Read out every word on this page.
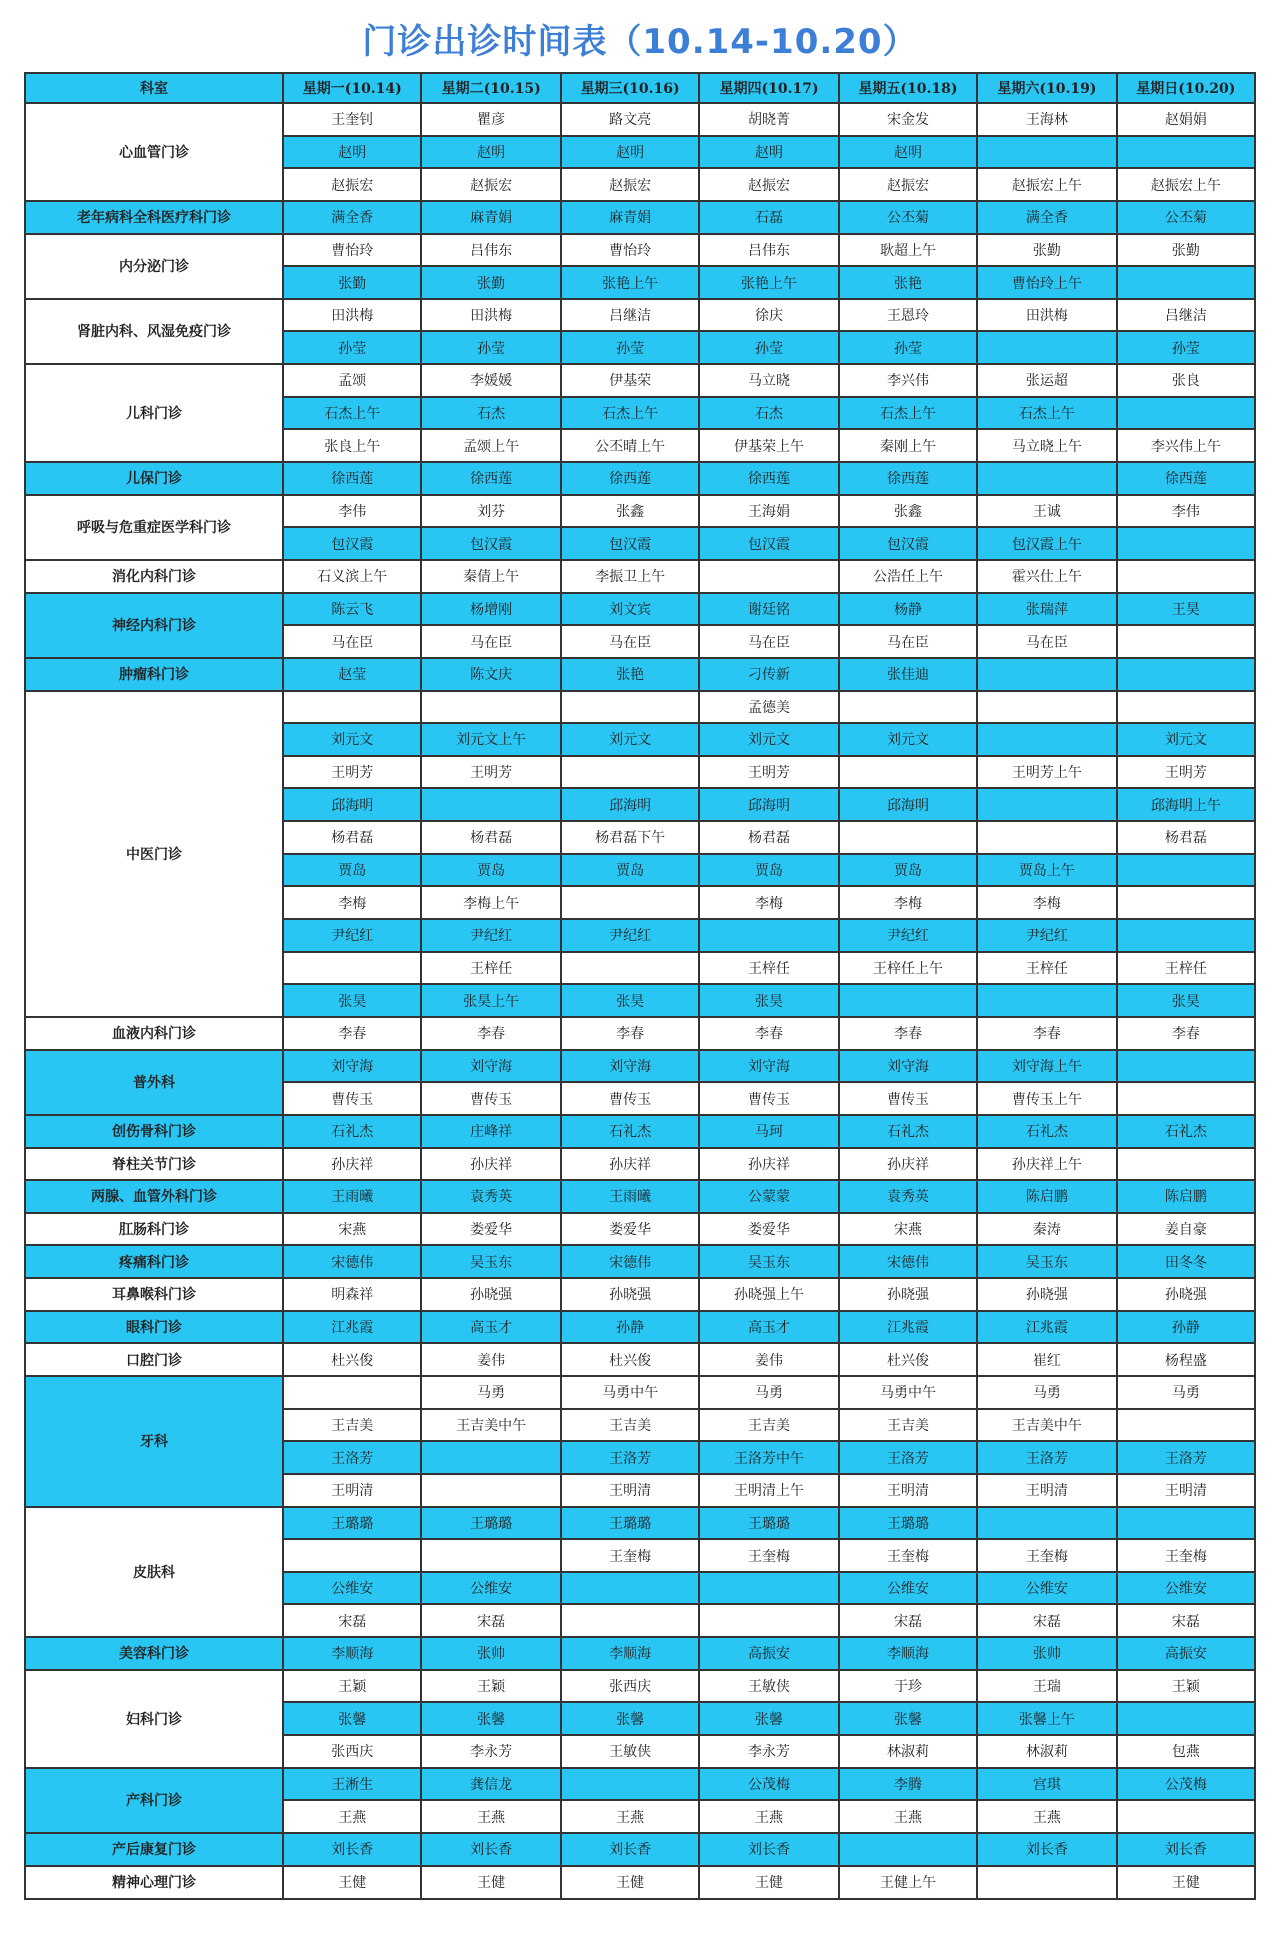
门诊出诊时间表（10.14-10.20）
科室	星期一(10.14)	星期二(10.15)	星期三(10.16)	星期四(10.17)	星期五(10.18)	星期六(10.19)	星期日(10.20)
心血管门诊	王奎钊	瞿彦	路文亮	胡晓菁	宋金发	王海林	赵娟娟
	赵明	赵明	赵明	赵明	赵明		
	赵振宏	赵振宏	赵振宏	赵振宏	赵振宏	赵振宏上午	赵振宏上午
老年病科全科医疗科门诊	满全香	麻青娟	麻青娟	石磊	公丕菊	满全香	公丕菊
内分泌门诊	曹怡玲	吕伟东	曹怡玲	吕伟东	耿超上午	张勤	张勤
	张勤	张勤	张艳上午	张艳上午	张艳	曹怡玲上午	
肾脏内科、风湿免疫门诊	田洪梅	田洪梅	吕继洁	徐庆	王恩玲	田洪梅	吕继洁
	孙莹	孙莹	孙莹	孙莹	孙莹		孙莹
儿科门诊	孟颂	李媛媛	伊基荣	马立晓	李兴伟	张运超	张良
	石杰上午	石杰	石杰上午	石杰	石杰上午	石杰上午	
	张良上午	孟颂上午	公丕晴上午	伊基荣上午	秦刚上午	马立晓上午	李兴伟上午
儿保门诊	徐西莲	徐西莲	徐西莲	徐西莲	徐西莲		徐西莲
呼吸与危重症医学科门诊	李伟	刘芬	张鑫	王海娟	张鑫	王诚	李伟
	包汉霞	包汉霞	包汉霞	包汉霞	包汉霞	包汉霞上午	
消化内科门诊	石义滨上午	秦倩上午	李振卫上午		公浩任上午	霍兴仕上午	
神经内科门诊	陈云飞	杨增刚	刘文宾	谢廷铭	杨静	张瑞萍	王昊
	马在臣	马在臣	马在臣	马在臣	马在臣	马在臣	
肿瘤科门诊	赵莹	陈文庆	张艳	刁传新	张佳迪		
中医门诊				孟德美			
	刘元文	刘元文上午	刘元文	刘元文	刘元文		刘元文
	王明芳	王明芳		王明芳		王明芳上午	王明芳
	邱海明		邱海明	邱海明	邱海明		邱海明上午
	杨君磊	杨君磊	杨君磊下午	杨君磊			杨君磊
	贾岛	贾岛	贾岛	贾岛	贾岛	贾岛上午	
	李梅	李梅上午		李梅	李梅	李梅	
	尹纪红	尹纪红	尹纪红		尹纪红	尹纪红	
		王梓任		王梓任	王梓任上午	王梓任	王梓任
	张昊	张昊上午	张昊	张昊			张昊
血液内科门诊	李春	李春	李春	李春	李春	李春	李春
普外科	刘守海	刘守海	刘守海	刘守海	刘守海	刘守海上午	
	曹传玉	曹传玉	曹传玉	曹传玉	曹传玉	曹传玉上午	
创伤骨科门诊	石礼杰	庄峰祥	石礼杰	马珂	石礼杰	石礼杰	石礼杰
脊柱关节门诊	孙庆祥	孙庆祥	孙庆祥	孙庆祥	孙庆祥	孙庆祥上午	
两腺、血管外科门诊	王雨曦	袁秀英	王雨曦	公蒙蒙	袁秀英	陈启鹏	陈启鹏
肛肠科门诊	宋燕	娄爱华	娄爱华	娄爱华	宋燕	秦涛	姜自豪
疼痛科门诊	宋德伟	吴玉东	宋德伟	吴玉东	宋德伟	吴玉东	田冬冬
耳鼻喉科门诊	明森祥	孙晓强	孙晓强	孙晓强上午	孙晓强	孙晓强	孙晓强
眼科门诊	江兆霞	高玉才	孙静	高玉才	江兆霞	江兆霞	孙静
口腔门诊	杜兴俊	姜伟	杜兴俊	姜伟	杜兴俊	崔红	杨程盛
牙科		马勇	马勇中午	马勇	马勇中午	马勇	马勇
	王吉美	王吉美中午	王吉美	王吉美	王吉美	王吉美中午	
	王洛芳		王洛芳	王洛芳中午	王洛芳	王洛芳	王洛芳
	王明清		王明清	王明清上午	王明清	王明清	王明清
皮肤科	王璐璐	王璐璐	王璐璐	王璐璐	王璐璐		
			王奎梅	王奎梅	王奎梅	王奎梅	王奎梅
	公维安	公维安			公维安	公维安	公维安
	宋磊	宋磊			宋磊	宋磊	宋磊
美容科门诊	李顺海	张帅	李顺海	高振安	李顺海	张帅	高振安
妇科门诊	王颖	王颖	张西庆	王敏侠	于珍	王瑞	王颖
	张馨	张馨	张馨	张馨	张馨	张馨上午	
	张西庆	李永芳	王敏侠	李永芳	林淑莉	林淑莉	包燕
产科门诊	王淅生	龚信龙		公茂梅	李腾	宫琪	公茂梅
	王燕	王燕	王燕	王燕	王燕	王燕	
产后康复门诊	刘长香	刘长香	刘长香	刘长香		刘长香	刘长香
精神心理门诊	王健	王健	王健	王健	王健上午		王健
